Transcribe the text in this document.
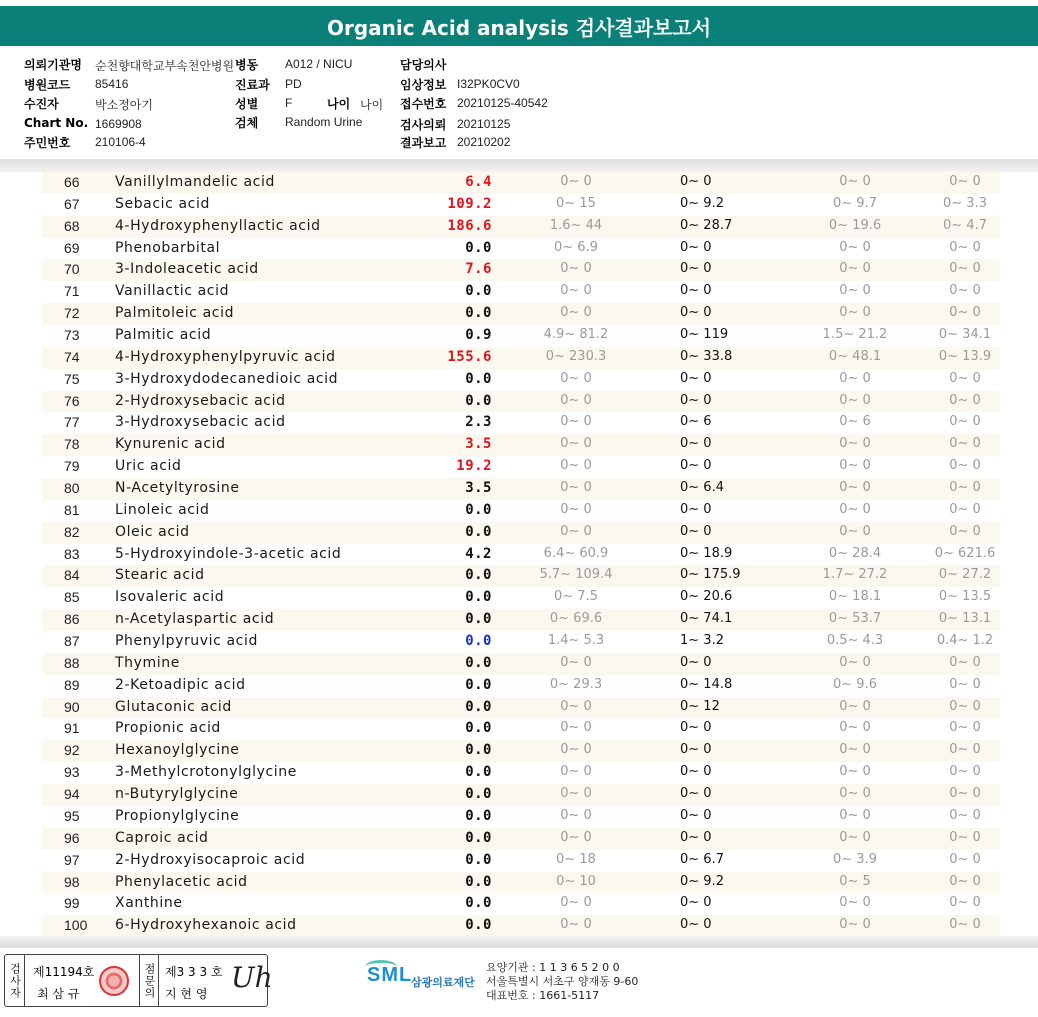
Organic Acid analysis 검사결과보고서
의뢰기관명 순천향대학교부속천안병원 병동 A012 / NICU	담당의사
병원코드 85416	진료과 PD	임상정보 I32PK0CV0
수진자	박소정아기	성별 F	나이 나이 접수번호 20210125-40542
Chart No. 1669908	검체 Random Urine	검사의뢰 20210125
주민번호 210106-4	결과보고 20210202
66	Vanillylmandelic acid	6.4	0~ 0	0~ 0	0~ 0	0~ 0
67	Sebacic acid	109.2	0~ 15	0~ 9.2	0~ 9.7	0~ 3.3
68	4-Hydroxyphenyllactic acid	186.6	1.6~ 44	0~ 28.7	0~ 19.6	0~ 4.7
69	Phenobarbital	0.0	0~ 6.9	0~ 0	0~ 0	0~ 0
70	3-Indoleacetic acid	7.6	0~ 0	0~ 0	0~ 0	0~ 0
71	Vanillactic acid	0.0	0~ 0	0~ 0	0~ 0	0~ 0
72	Palmitoleic acid	0.0	0~ 0	0~ 0	0~ 0	0~ 0
73	Palmitic acid	0.9	4.9~ 81.2	0~ 119	1.5~ 21.2	0~ 34.1
74	4-Hydroxyphenylpyruvic acid	155.6	0~ 230.3	0~ 33.8	0~ 48.1	0~ 13.9
75	3-Hydroxydodecanedioic acid	0.0	0~ 0	0~ 0	0~ 0	0~ 0
76	2-Hydroxysebacic acid	0.0	0~ 0	0~ 0	0~ 0	0~ 0
77	3-Hydroxysebacic acid	2.3	0~ 0	0~ 6	0~ 6	0~ 0
78	Kynurenic acid	3.5	0~ 0	0~ 0	0~ 0	0~ 0
79	Uric acid	19.2	0~ 0	0~ 0	0~ 0	0~ 0
80	N-Acetyltyrosine	3.5	0~ 0	0~ 6.4	0~ 0	0~ 0
81	Linoleic acid	0.0	0~ 0	0~ 0	0~ 0	0~ 0
82	Oleic acid	0.0	0~ 0	0~ 0	0~ 0	0~ 0
83	5-Hydroxyindole-3-acetic acid	4.2	6.4~ 60.9	0~ 18.9	0~ 28.4	0~ 621.6
84	Stearic acid	0.0	5.7~ 109.4	0~ 175.9	1.7~ 27.2	0~ 27.2
85	Isovaleric acid	0.0	0~ 7.5	0~ 20.6	0~ 18.1	0~ 13.5
86	n-Acetylaspartic acid	0.0	0~ 69.6	0~ 74.1	0~ 53.7	0~ 13.1
87	Phenylpyruvic acid	0.0	1.4~ 5.3	1~ 3.2	0.5~ 4.3	0.4~ 1.2
88	Thymine	0.0	0~ 0	0~ 0	0~ 0	0~ 0
89	2-Ketoadipic acid	0.0	0~ 29.3	0~ 14.8	0~ 9.6	0~ 0
90	Glutaconic acid	0.0	0~ 0	0~ 12	0~ 0	0~ 0
91	Propionic acid	0.0	0~ 0	0~ 0	0~ 0	0~ 0
92	Hexanoylglycine	0.0	0~ 0	0~ 0	0~ 0	0~ 0
93	3-Methylcrotonylglycine	0.0	0~ 0	0~ 0	0~ 0	0~ 0
94	n-Butyrylglycine	0.0	0~ 0	0~ 0	0~ 0	0~ 0
95	Propionylglycine	0.0	0~ 0	0~ 0	0~ 0	0~ 0
96	Caproic acid	0.0	0~ 0	0~ 0	0~ 0	0~ 0
97	2-Hydroxyisocaproic acid	0.0	0~ 18	0~ 6.7	0~ 3.9	0~ 0
98	Phenylacetic acid	0.0	0~ 10	0~ 9.2	0~ 5	0~ 0
99	Xanthine	0.0	0~ 0	0~ 0	0~ 0	0~ 0
100	6-Hydroxyhexanoic acid	0.0	0~ 0	0~ 0	0~ 0	0~ 0
검사자 제11194호
최 삼 규	점문의 제3 3 3 호
지 현 영 Uh	SML
삼광의료재단
요양기관 : 1 1 3 6 5 2 0 0
서울특별시 서초구 양재동 9-60
대표번호 : 1661-5117
